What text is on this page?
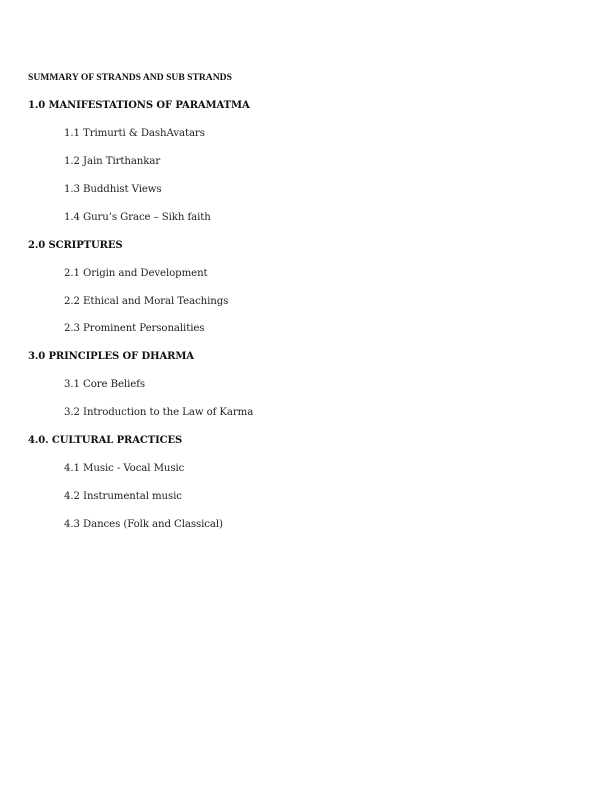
SUMMARY OF STRANDS AND SUB STRANDS
1.0 MANIFESTATIONS OF PARAMATMA
1.1 Trimurti & DashAvatars
1.2 Jain Tirthankar
1.3 Buddhist Views
1.4 Guru’s Grace – Sikh faith
2.0 SCRIPTURES
2.1 Origin and Development
2.2 Ethical and Moral Teachings
2.3 Prominent Personalities
3.0 PRINCIPLES OF DHARMA
3.1 Core Beliefs
3.2 Introduction to the Law of Karma
4.0. CULTURAL PRACTICES
4.1 Music - Vocal Music
4.2 Instrumental music
4.3 Dances (Folk and Classical)
